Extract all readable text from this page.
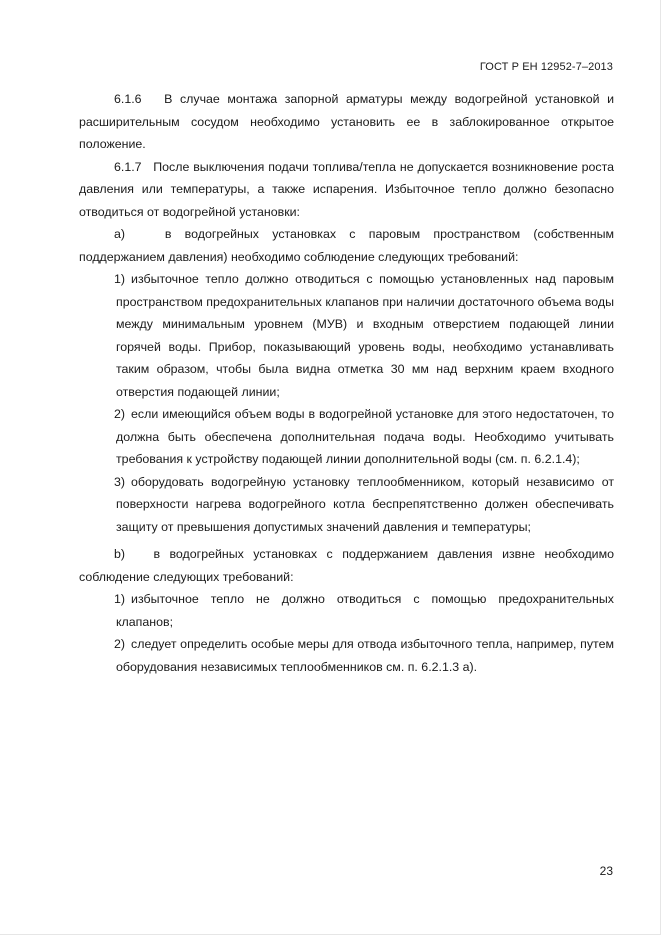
ГОСТ Р ЕН 12952-7–2013

6.1.6 В случае монтажа запорной арматуры между водогрейной установкой и расширительным сосудом необходимо установить ее в заблокированное открытое положение.

6.1.7 После выключения подачи топлива/тепла не допускается возникновение роста давления или температуры, а также испарения. Избыточное тепло должно безопасно отводиться от водогрейной установки:

а)	в водогрейных установках с паровым пространством (собственным поддержанием давления) необходимо соблюдение следующих требований:

1) избыточное тепло должно отводиться с помощью установленных над паровым пространством предохранительных клапанов при наличии достаточного объема воды между минимальным уровнем (МУВ) и входным отверстием подающей линии горячей воды. Прибор, показывающий уровень воды, необходимо устанавливать таким образом, чтобы была видна отметка 30 мм над верхним краем входного отверстия подающей линии;

2) если имеющийся объем воды в водогрейной установке для этого недостаточен, то должна быть обеспечена дополнительная подача воды. Необходимо учитывать требования к устройству подающей линии дополнительной воды (см. п. 6.2.1.4);

3) оборудовать водогрейную установку теплообменником, который независимо от поверхности нагрева водогрейного котла беспрепятственно должен обеспечивать защиту от превышения допустимых значений давления и температуры;

b) в водогрейных установках с поддержанием давления извне необходимо соблюдение следующих требований:

1) избыточное тепло не должно отводиться с помощью предохранительных клапанов;

2) следует определить особые меры для отвода избыточного тепла, например, путем оборудования независимых теплообменников см. п. 6.2.1.3 а).

23
